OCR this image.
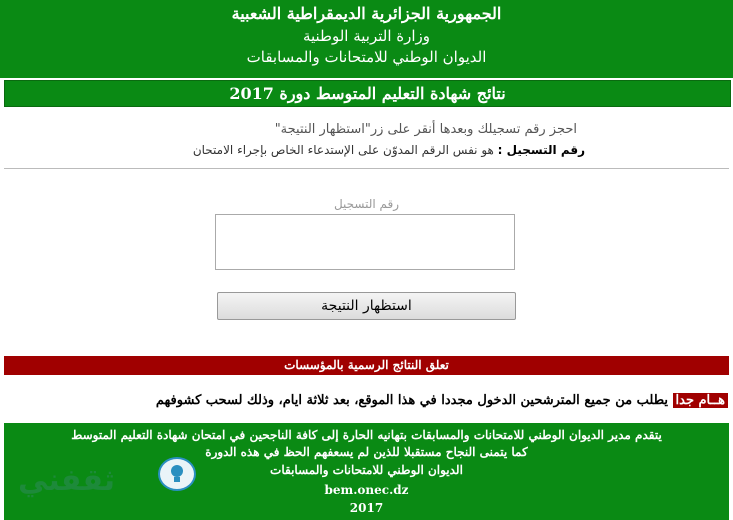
الجمهورية الجزائرية الديمقراطية الشعبية
وزارة التربية الوطنية
الديوان الوطني للامتحانات والمسابقات
نتائج شهادة التعليم المتوسط دورة 2017
احجز رقم تسجيلك وبعدها أنقر على زر"استظهار النتيجة"
رقم التسجيل : هو نفس الرقم المدوّن على الإستدعاء الخاص بإجراء الامتحان
رقم التسجيل
استظهار النتيجة
تعلق النتائج الرسمية بالمؤسسات
هــام جدا يطلب من جميع المترشحين الدخول مجددا في هذا الموقع، بعد ثلاثة ايام، وذلك لسحب كشوفهم
يتقدم مدير الديوان الوطني للامتحانات والمسابقات بتهانيه الحارة إلى كافة الناجحين في امتحان شهادة التعليم المتوسط
كما يتمنى النجاح مستقبلا للذين لم يسعفهم الحظ في هذه الدورة
الديوان الوطني للامتحانات والمسابقات
bem.onec.dz
2017
ثقفني
